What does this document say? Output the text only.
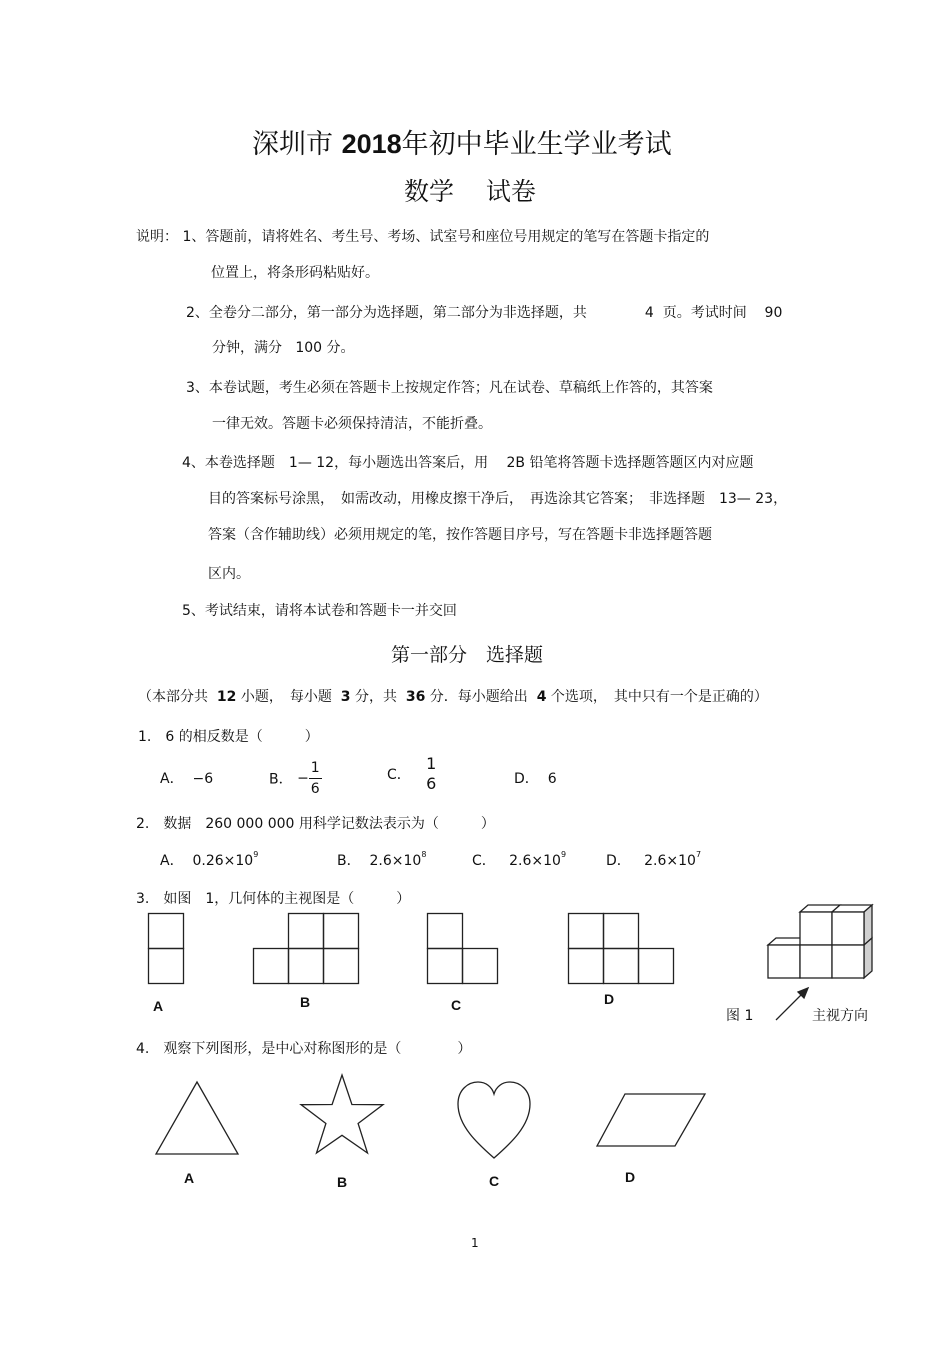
深圳市 2018年初中毕业生学业考试
数学 试卷
说明： 1、答题前，请将姓名、考生号、考场、试室号和座位号用规定的笔写在答题卡指定的
位置上，将条形码粘贴好。
2、全卷分二部分，第一部分为选择题，第二部分为非选择题，共	4 页。考试时间 90
分钟，满分 100 分。
3、本卷试题，考生必须在答题卡上按规定作答；凡在试卷、草稿纸上作答的，其答案
一律无效。答题卡必须保持清洁，不能折叠。
4、本卷选择题　1— 12，每小题选出答案后，用　 2B 铅笔将答题卡选择题答题区内对应题
目的答案标号涂黑，　如需改动，用橡皮擦干净后，　再选涂其它答案；　非选择题　13— 23，
答案（含作辅助线）必须用规定的笔，按作答题目序号，写在答题卡非选择题答题
区内。
5、考试结束，请将本试卷和答题卡一并交回
第一部分　选择题
（本部分共 12 小题，　每小题 3 分，共 36 分．每小题给出 4 个选项，　其中只有一个是正确的）
1.　6 的相反数是（　　　）
A． −6	B． − $\frac{1}{6}$	C．
1
6	D． 6
2.　数据　260 000 000 用科学记数法表示为（　　　）
A． $0.26\times 10^9$	B． $2.6\times 10^8$	C． $2.6\times 10^9$	D． $2.6\times 10^7$
3.　如图　1，几何体的主视图是（　　　）
A	B	C	D
图 1	主视方向
4.　观察下列图形，是中心对称图形的是（　　　　）
A	B	C	D
1
